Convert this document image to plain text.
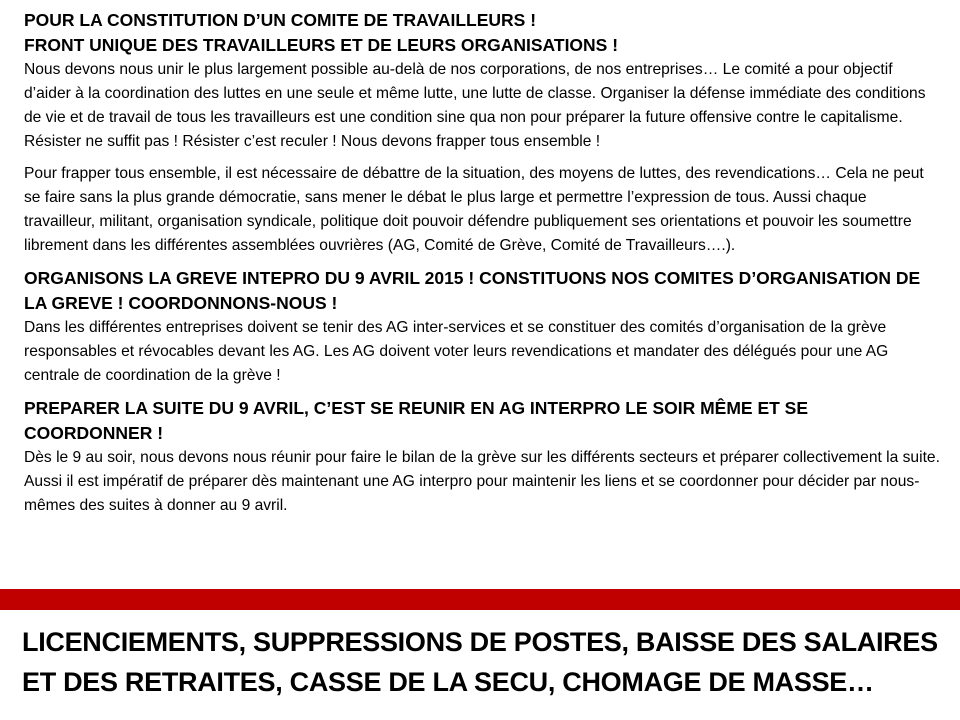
POUR LA CONSTITUTION D’UN COMITE DE TRAVAILLEURS !

FRONT UNIQUE DES TRAVAILLEURS ET DE LEURS ORGANISATIONS !

Nous devons nous unir le plus largement possible au-delà de nos corporations, de nos entreprises… Le comité a pour objectif d’aider à la coordination des luttes en une seule et même lutte, une lutte de classe. Organiser la défense immédiate des conditions de vie et de travail de tous les travailleurs est une condition sine qua non pour préparer la future offensive contre le capitalisme. Résister ne suffit pas ! Résister c’est reculer ! Nous devons frapper tous ensemble !

Pour frapper tous ensemble, il est nécessaire de débattre de la situation, des moyens de luttes, des revendications… Cela ne peut se faire sans la plus grande démocratie, sans mener le débat le plus large et permettre l’expression de tous. Aussi chaque travailleur, militant, organisation syndicale, politique doit pouvoir défendre publiquement ses orientations et pouvoir les soumettre librement dans les différentes assemblées ouvrières (AG, Comité de Grève, Comité de Travailleurs….).

ORGANISONS LA GREVE INTEPRO DU 9 AVRIL 2015 ! CONSTITUONS NOS COMITES D’ORGANISATION DE LA GREVE ! COORDONNONS-NOUS !

Dans les différentes entreprises doivent se tenir des AG inter-services et se constituer des comités d’organisation de la grève responsables et révocables devant les AG. Les AG doivent voter leurs revendications et mandater des délégués pour une AG centrale de coordination de la grève !

PREPARER LA SUITE DU 9 AVRIL, C’EST SE REUNIR EN AG INTERPRO LE SOIR MÊME ET SE COORDONNER !

Dès le 9 au soir, nous devons nous réunir pour faire le bilan de la grève sur les différents secteurs et préparer collectivement la suite. Aussi il est impératif de préparer dès maintenant une AG interpro pour maintenir les liens et se coordonner pour décider par nous-mêmes des suites à donner au 9 avril.

LICENCIEMENTS, SUPPRESSIONS DE POSTES, BAISSE DES SALAIRES ET DES RETRAITES, CASSE DE LA SECU, CHOMAGE DE MASSE…
